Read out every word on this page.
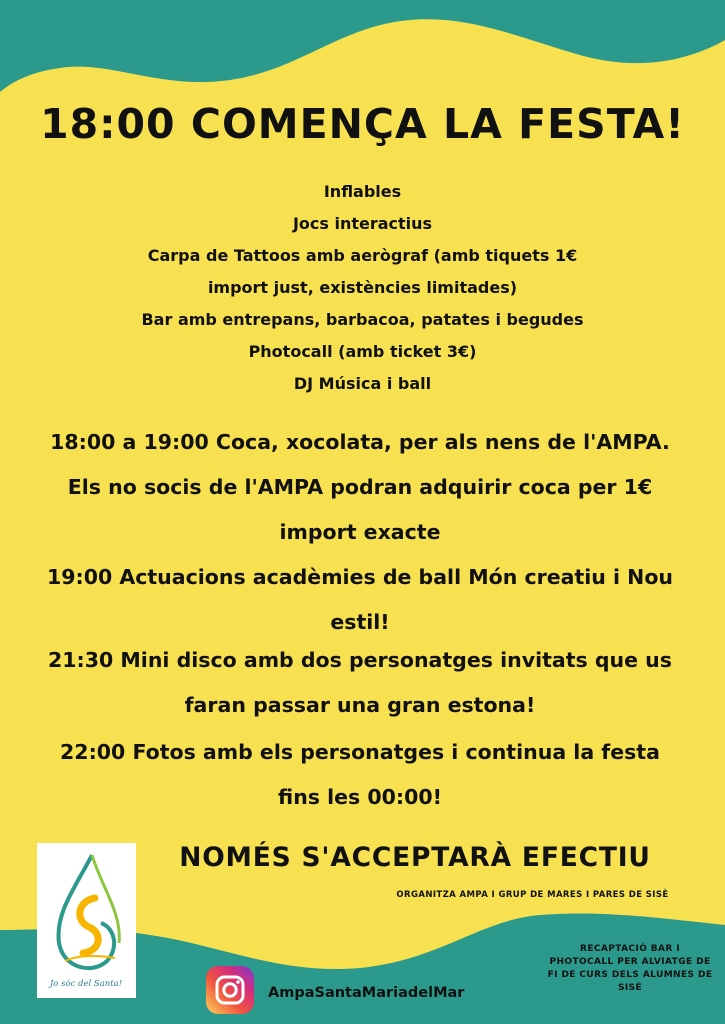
18:00 COMENÇA LA FESTA!
Inflables
Jocs interactius
Carpa de Tattoos amb aerògraf (amb tiquets 1€
import just, existències limitades)
Bar amb entrepans, barbacoa, patates i begudes
Photocall (amb ticket 3€)
DJ Música i ball
18:00 a 19:00 Coca, xocolata, per als nens de l'AMPA.
Els no socis de l'AMPA podran adquirir coca per 1€
import exacte
19:00 Actuacions acadèmies de ball Món creatiu i Nou
estil!
21:30 Mini disco amb dos personatges invitats que us
faran passar una gran estona!
22:00 Fotos amb els personatges i continua la festa
fins les 00:00!
Jo sóc del Santa!
NOMÉS S'ACCEPTARÀ EFECTIU
ORGANITZA AMPA I GRUP DE MARES I PARES DE SISÈ
RECAPTACIÓ BAR I
PHOTOCALL PER ALVIATGE DE
FI DE CURS DELS ALUMNES DE
SISÈ
AmpaSantaMariadelMar
